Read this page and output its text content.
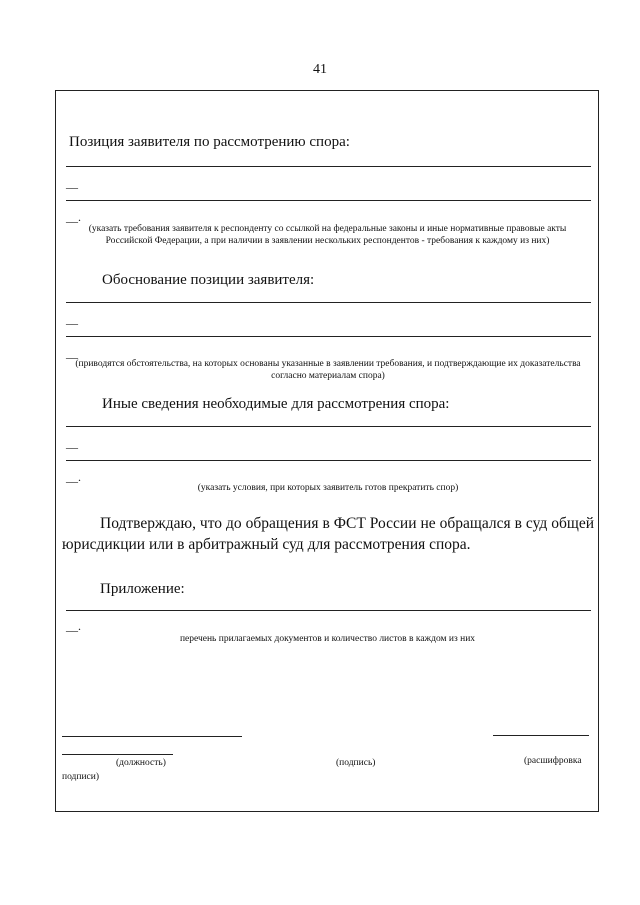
41
Позиция заявителя по рассмотрению спора:
__
__.
(указать требования заявителя к респонденту со ссылкой на федеральные законы и иные нормативные правовые акты Российской Федерации, а при наличии в заявлении нескольких респондентов - требования к каждому из них)
Обоснование позиции заявителя:
__
__
(приводятся обстоятельства, на которых основаны указанные в заявлении требования, и подтверждающие их доказательства согласно материалам спора)
Иные сведения необходимые для рассмотрения спора:
__
__.
(указать условия, при которых заявитель готов прекратить спор)
Подтверждаю, что до обращения в ФСТ России не обращался в суд общей юрисдикции или в арбитражный суд для рассмотрения спора.
Приложение:
__.
перечень прилагаемых документов и количество листов в каждом из них
(должность)	(подпись)	(расшифровка
подписи)
